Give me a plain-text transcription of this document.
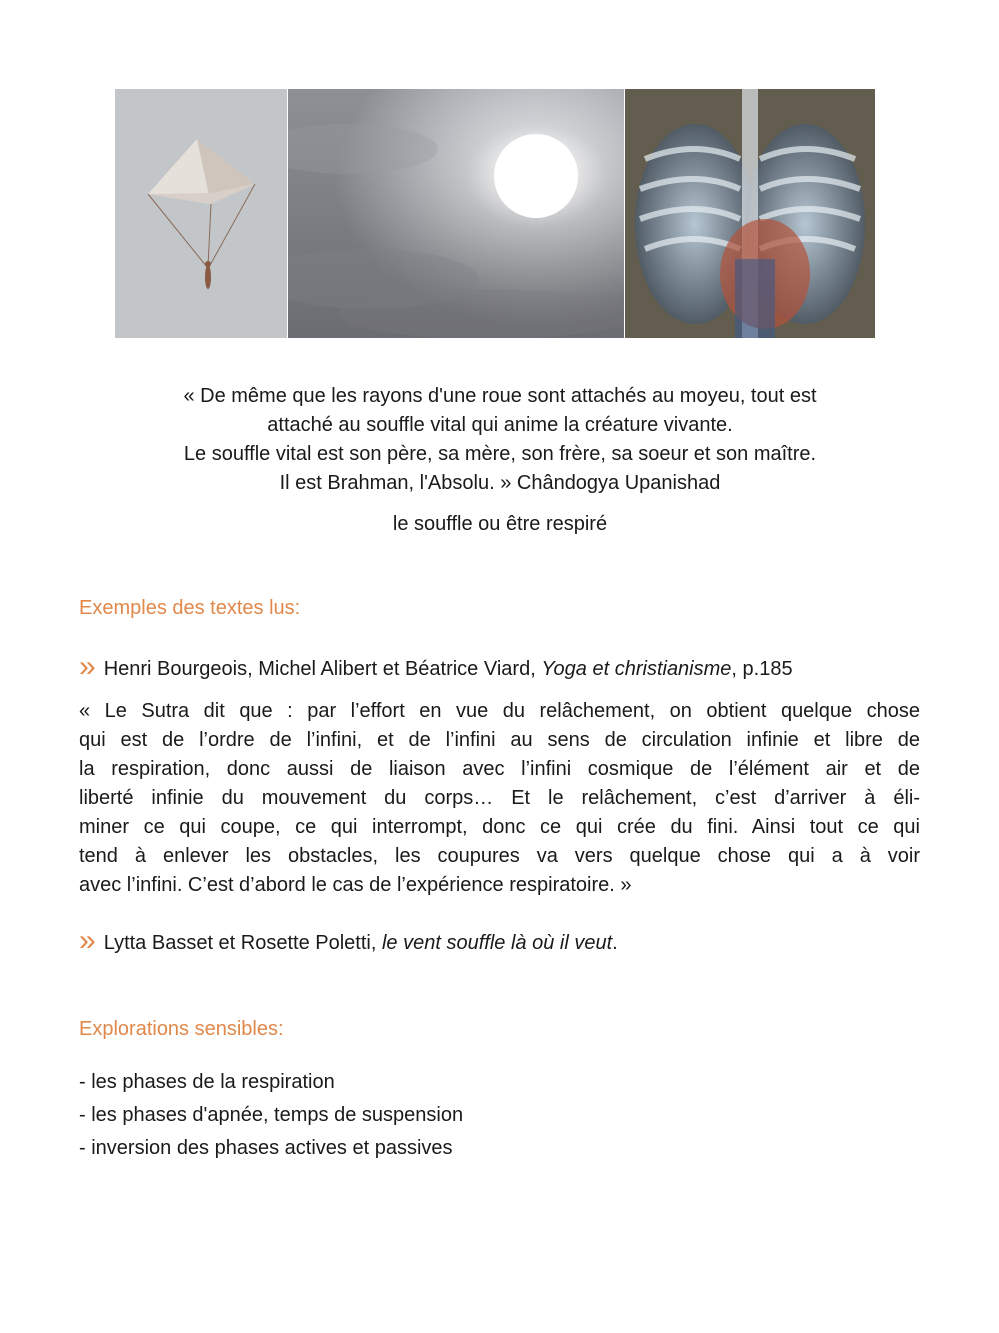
« De même que les rayons d'une roue sont attachés au moyeu, tout est
attaché au souffle vital qui anime la créature vivante.
Le souffle vital est son père, sa mère, son frère, sa soeur et son maître.
Il est Brahman, l'Absolu. » Chândogya Upanishad
le souffle ou être respiré
Exemples des textes lus:
» Henri Bourgeois, Michel Alibert et Béatrice Viard, Yoga et christianisme, p.185
« Le Sutra dit que : par l’effort en vue du relâchement, on obtient quelque chose
qui est de l’ordre de l’infini, et de l’infini au sens de circulation infinie et libre de
la respiration, donc aussi de liaison avec l’infini cosmique de l’élément air et de
liberté infinie du mouvement du corps… Et le relâchement, c’est d’arriver à éli-
miner ce qui coupe, ce qui interrompt, donc ce qui crée du fini. Ainsi tout ce qui
tend à enlever les obstacles, les coupures va vers quelque chose qui a à voir
avec l’infini. C’est d’abord le cas de l’expérience respiratoire. »
» Lytta Basset et Rosette Poletti, le vent souffle là où il veut.
Explorations sensibles:
- les phases de la respiration
- les phases d'apnée, temps de suspension
- inversion des phases actives et passives
